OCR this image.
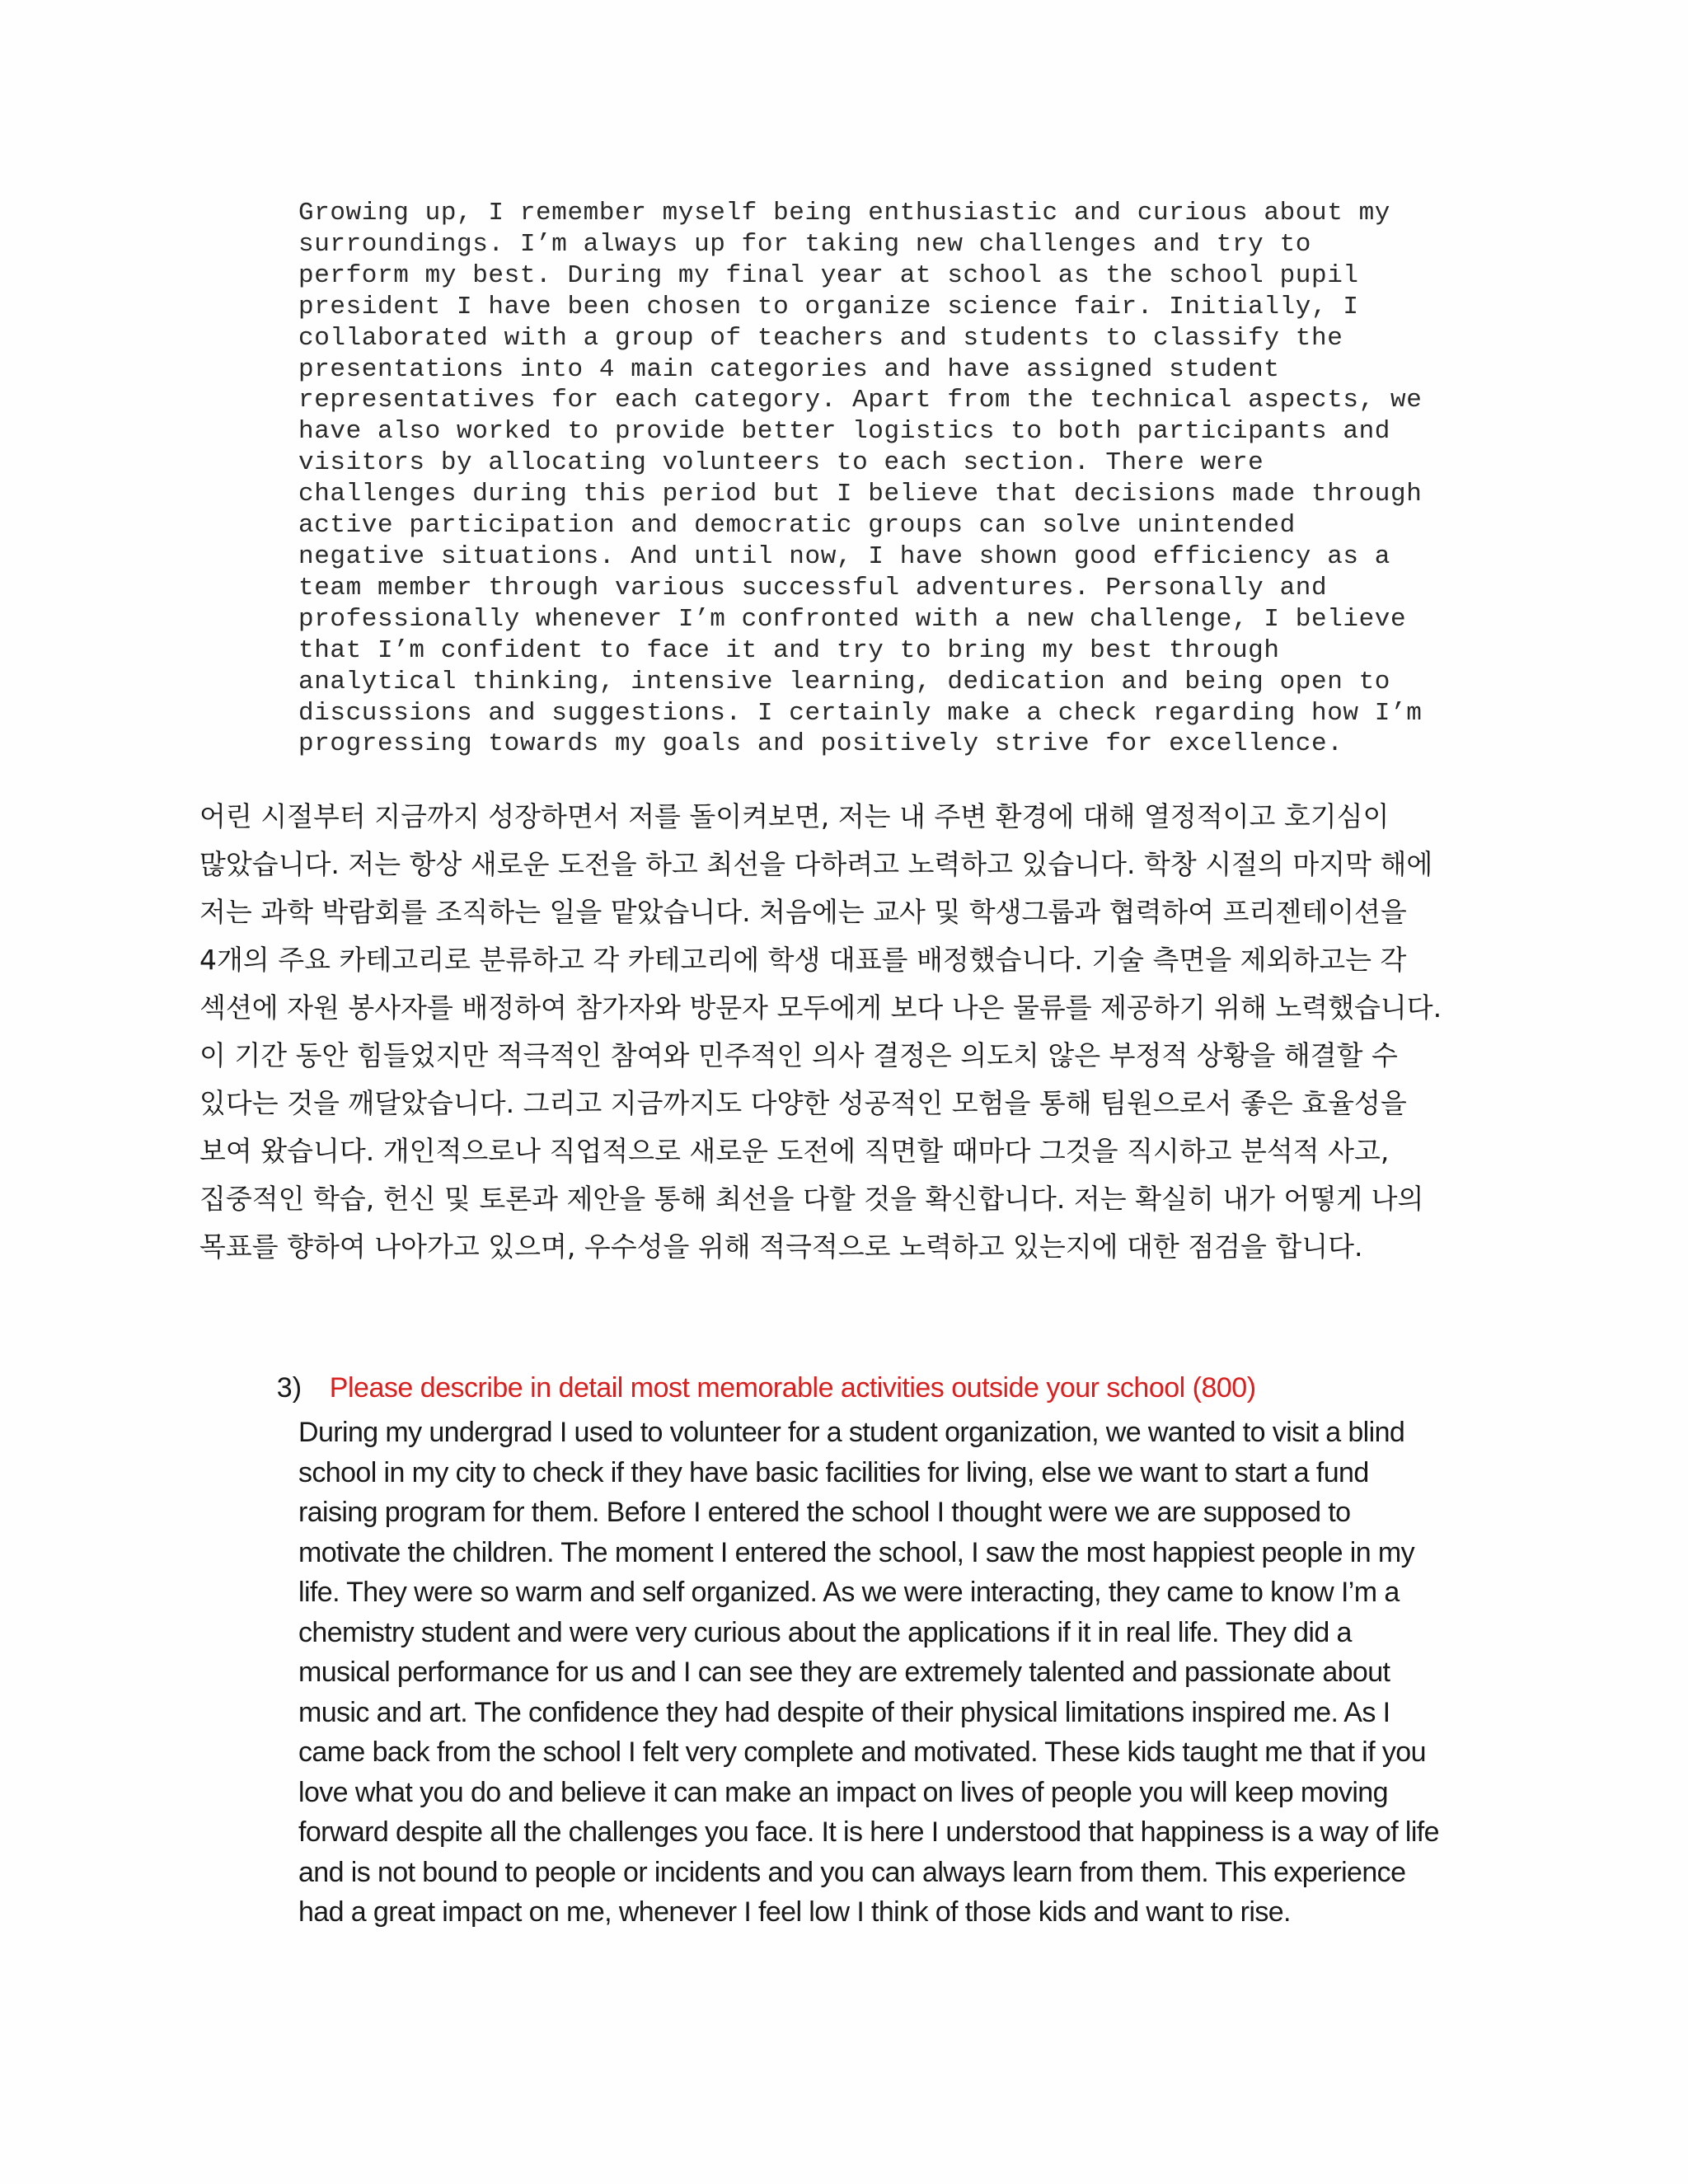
Growing up, I remember myself being enthusiastic and curious about my
surroundings. I’m always up for taking new challenges and try to
perform my best. During my final year at school as the school pupil
president I have been chosen to organize science fair. Initially, I
collaborated with a group of teachers and students to classify the
presentations into 4 main categories and have assigned student
representatives for each category. Apart from the technical aspects, we
have also worked to provide better logistics to both participants and
visitors by allocating volunteers to each section. There were
challenges during this period but I believe that decisions made through
active participation and democratic groups can solve unintended
negative situations. And until now, I have shown good efficiency as a
team member through various successful adventures. Personally and
professionally whenever I’m confronted with a new challenge, I believe
that I’m confident to face it and try to bring my best through
analytical thinking, intensive learning, dedication and being open to
discussions and suggestions. I certainly make a check regarding how I’m
progressing towards my goals and positively strive for excellence.
어린 시절부터 지금까지 성장하면서 저를 돌이켜보면, 저는 내 주변 환경에 대해 열정적이고 호기심이
많았습니다. 저는 항상 새로운 도전을 하고 최선을 다하려고 노력하고 있습니다. 학창 시절의 마지막 해에
저는 과학 박람회를 조직하는 일을 맡았습니다. 처음에는 교사 및 학생그룹과 협력하여 프리젠테이션을
4개의 주요 카테고리로 분류하고 각 카테고리에 학생 대표를 배정했습니다. 기술 측면을 제외하고는 각
섹션에 자원 봉사자를 배정하여 참가자와 방문자 모두에게 보다 나은 물류를 제공하기 위해 노력했습니다.
이 기간 동안 힘들었지만 적극적인 참여와 민주적인 의사 결정은 의도치 않은 부정적 상황을 해결할 수
있다는 것을 깨달았습니다. 그리고 지금까지도 다양한 성공적인 모험을 통해 팀원으로서 좋은 효율성을
보여 왔습니다. 개인적으로나 직업적으로 새로운 도전에 직면할 때마다 그것을 직시하고 분석적 사고,
집중적인 학습, 헌신 및 토론과 제안을 통해 최선을 다할 것을 확신합니다. 저는 확실히 내가 어떻게 나의
목표를 향하여 나아가고 있으며, 우수성을 위해 적극적으로 노력하고 있는지에 대한 점검을 합니다.

3) Please describe in detail most memorable activities outside your school (800)

During my undergrad I used to volunteer for a student organization, we wanted to visit a blind
school in my city to check if they have basic facilities for living, else we want to start a fund
raising program for them. Before I entered the school I thought were we are supposed to
motivate the children. The moment I entered the school, I saw the most happiest people in my
life. They were so warm and self organized. As we were interacting, they came to know I’m a
chemistry student and were very curious about the applications if it in real life. They did a
musical performance for us and I can see they are extremely talented and passionate about
music and art. The confidence they had despite of their physical limitations inspired me. As I
came back from the school I felt very complete and motivated. These kids taught me that if you
love what you do and believe it can make an impact on lives of people you will keep moving
forward despite all the challenges you face. It is here I understood that happiness is a way of life
and is not bound to people or incidents and you can always learn from them. This experience
had a great impact on me, whenever I feel low I think of those kids and want to rise.
